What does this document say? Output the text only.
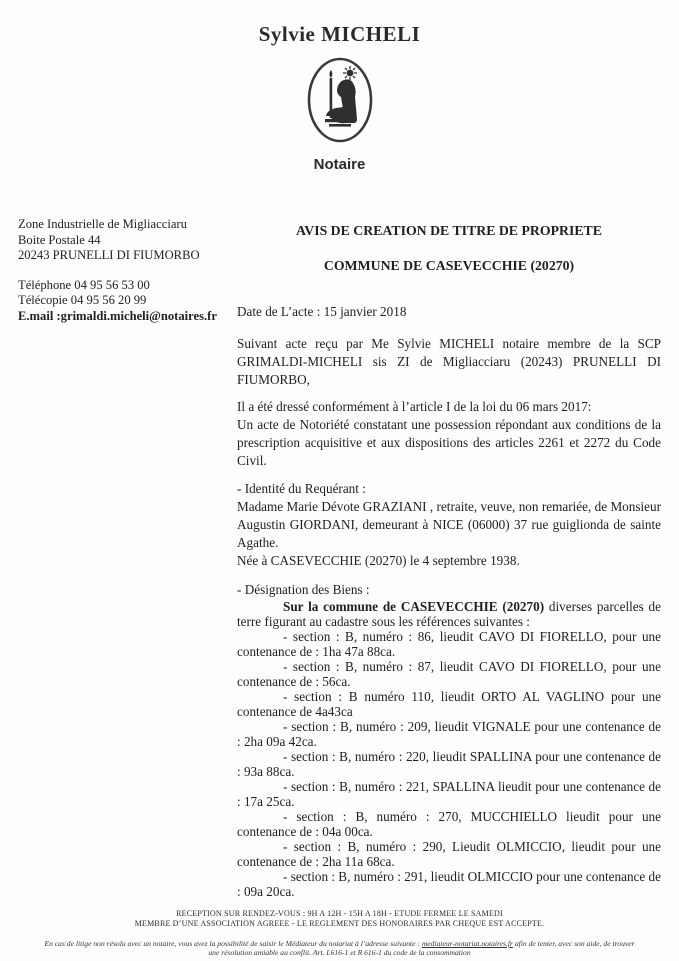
Sylvie MICHELI
Notaire
Zone Industrielle de Migliacciaru
Boite Postale 44
20243 PRUNELLI DI FIUMORBO
Téléphone 04 95 56 53 00
Télécopie 04 95 56 20 99
E.mail :grimaldi.micheli@notaires.fr

AVIS DE CREATION DE TITRE DE PROPRIETE

COMMUNE DE CASEVECCHIE (20270)

Date de L’acte : 15 janvier 2018

Suivant acte reçu par Me Sylvie MICHELI notaire membre de la SCP GRIMALDI-MICHELI sis ZI de Migliacciaru (20243) PRUNELLI DI FIUMORBO,

Il a été dressé conformément à l’article I de la loi du 06 mars 2017:
Un acte de Notoriété constatant une possession répondant aux conditions de la prescription acquisitive et aux dispositions des articles 2261 et 2272 du Code Civil.

- Identité du Requérant :

Madame Marie Dévote GRAZIANI , retraite, veuve, non remariée, de Monsieur Augustin GIORDANI, demeurant à NICE (06000) 37 rue guiglionda de sainte Agathe.

Née à CASEVECCHIE (20270) le 4 septembre 1938.

- Désignation des Biens :

Sur la commune de CASEVECCHIE (20270) diverses parcelles de terre figurant au cadastre sous les références suivantes :

- section : B, numéro : 86, lieudit CAVO DI FIORELLO, pour une contenance de : 1ha 47a 88ca.

- section : B, numéro : 87, lieudit CAVO DI FIORELLO, pour une contenance de : 56ca.

- section : B numéro 110, lieudit ORTO AL VAGLINO pour une contenance de 4a43ca

- section : B, numéro : 209, lieudit VIGNALE pour une contenance de : 2ha 09a 42ca.

- section : B, numéro : 220, lieudit SPALLINA pour une contenance de : 93a 88ca.

- section : B, numéro : 221, SPALLINA lieudit pour une contenance de : 17a 25ca.

- section : B, numéro : 270, MUCCHIELLO lieudit pour une contenance de : 04a 00ca.

- section : B, numéro : 290, Lieudit OLMICCIO, lieudit pour une contenance de : 2ha 11a 68ca.

- section : B, numéro : 291, lieudit OLMICCIO pour une contenance de : 09a 20ca.

RECEPTION SUR RENDEZ-VOUS : 9H A 12H - 15H A 18H - ETUDE FERMEE LE SAMEDI
MEMBRE D’UNE ASSOCIATION AGREEE - LE REGLEMENT DES HONORAIRES PAR CHEQUE EST ACCEPTE.
En cas de litige non résolu avec un notaire, vous avez la possibilité de saisir le Médiateur du notariat à l’adresse suivante : mediateur-notariat.notaires.fr afin de tenter, avec son aide, de trouver
une résolution amiable au conflit. Art. L616-1 et R 616-1 du code de la consommation
